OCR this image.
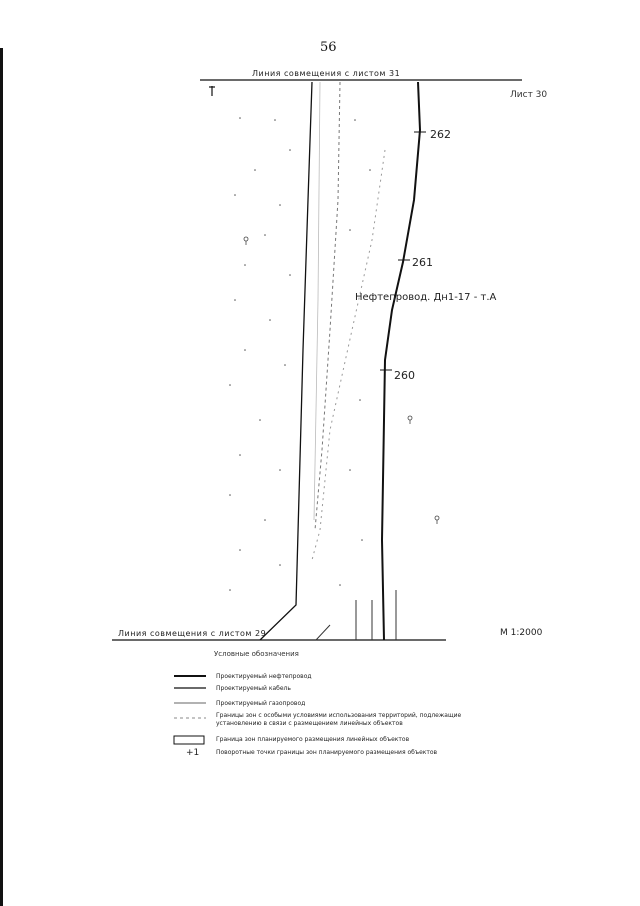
56
Лист 30
Линия совмещения с листом 31
Линия совмещения с листом 29	М 1:2000
262
261
260
Нефтепровод. Дн1-17 - т.А
Условные обозначения
Проектируемый нефтепровод
Проектируемый кабель
Проектируемый газопровод
Границы зон с особыми условиями использования территорий, подлежащие установлению в связи с размещением линейных объектов
Граница зон планируемого размещения линейных объектов
+1	Поворотные точки границы зон планируемого размещения объектов
